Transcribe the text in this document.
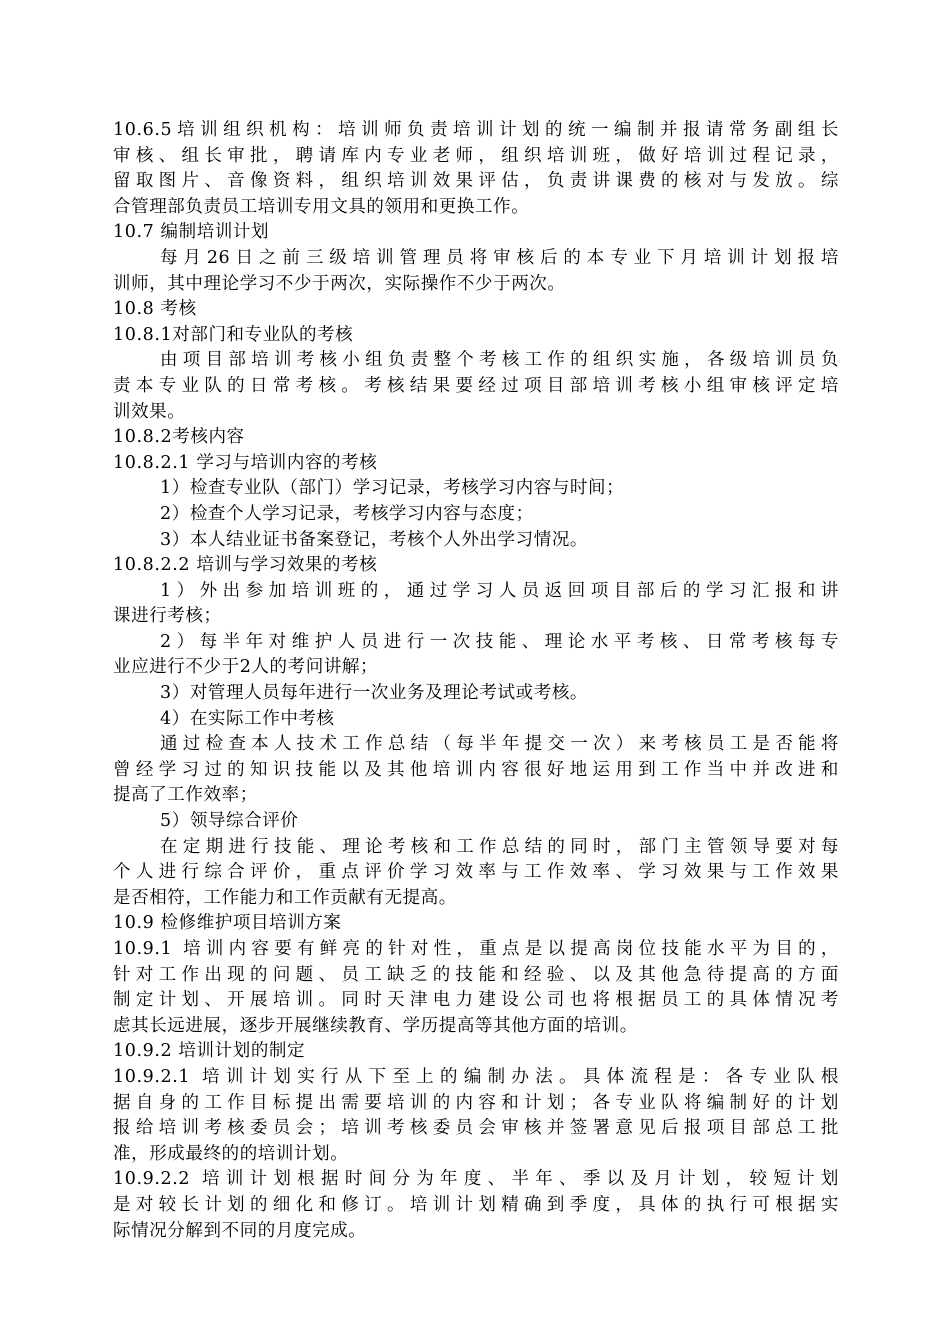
10.6.5培训组织机构：培训师负责培训计划的统一编制并报请常务副组长

审核、组长审批，聘请库内专业老师，组织培训班，做好培训过程记录，

留取图片、音像资料，组织培训效果评估，负责讲课费的核对与发放。综

合管理部负责员工培训专用文具的领用和更换工作。

10.7 编制培训计划

每月26日之前三级培训管理员将审核后的本专业下月培训计划报培

训师，其中理论学习不少于两次，实际操作不少于两次。

10.8 考核

10.8.1对部门和专业队的考核

由项目部培训考核小组负责整个考核工作的组织实施，各级培训员负

责本专业队的日常考核。考核结果要经过项目部培训考核小组审核评定培

训效果。

10.8.2考核内容

10.8.2.1 学习与培训内容的考核

1）检查专业队（部门）学习记录，考核学习内容与时间；

2）检查个人学习记录，考核学习内容与态度；

3）本人结业证书备案登记，考核个人外出学习情况。

10.8.2.2 培训与学习效果的考核

1）外出参加培训班的，通过学习人员返回项目部后的学习汇报和讲

课进行考核；

2）每半年对维护人员进行一次技能、理论水平考核、日常考核每专

业应进行不少于2人的考问讲解；

3）对管理人员每年进行一次业务及理论考试或考核。

4）在实际工作中考核

通过检查本人技术工作总结（每半年提交一次）来考核员工是否能将

曾经学习过的知识技能以及其他培训内容很好地运用到工作当中并改进和

提高了工作效率；

5）领导综合评价

在定期进行技能、理论考核和工作总结的同时，部门主管领导要对每

个人进行综合评价，重点评价学习效率与工作效率、学习效果与工作效果

是否相符，工作能力和工作贡献有无提高。

10.9 检修维护项目培训方案

10.9.1 培训内容要有鲜亮的针对性，重点是以提高岗位技能水平为目的，

针对工作出现的问题、员工缺乏的技能和经验、以及其他急待提高的方面

制定计划、开展培训。同时天津电力建设公司也将根据员工的具体情况考

虑其长远进展，逐步开展继续教育、学历提高等其他方面的培训。

10.9.2 培训计划的制定

10.9.2.1 培训计划实行从下至上的编制办法。具体流程是：各专业队根

据自身的工作目标提出需要培训的内容和计划；各专业队将编制好的计划

报给培训考核委员会；培训考核委员会审核并签署意见后报项目部总工批

准，形成最终的的培训计划。

10.9.2.2 培训计划根据时间分为年度、半年、季以及月计划，较短计划

是对较长计划的细化和修订。培训计划精确到季度，具体的执行可根据实

际情况分解到不同的月度完成。
